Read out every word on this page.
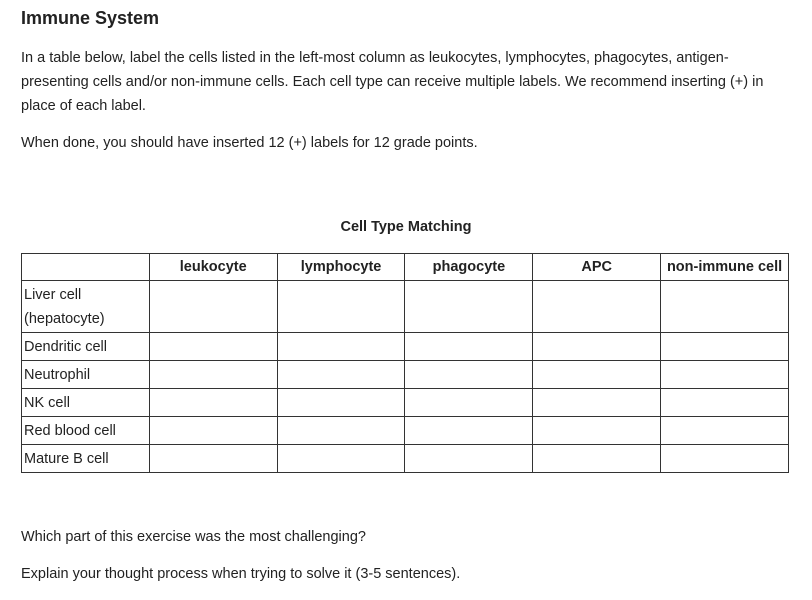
Immune System

In a table below, label the cells listed in the left-most column as leukocytes, lymphocytes, phagocytes, antigen-presenting cells and/or non-immune cells. Each cell type can receive multiple labels. We recommend inserting (+) in place of each label.

When done, you should have inserted 12 (+) labels for 12 grade points.

Cell Type Matching
	leukocyte	lymphocyte	phagocyte	APC	non-immune cell
Liver cell (hepatocyte)					
Dendritic cell					
Neutrophil					
NK cell					
Red blood cell					
Mature B cell					

Which part of this exercise was the most challenging?

Explain your thought process when trying to solve it (3-5 sentences).
